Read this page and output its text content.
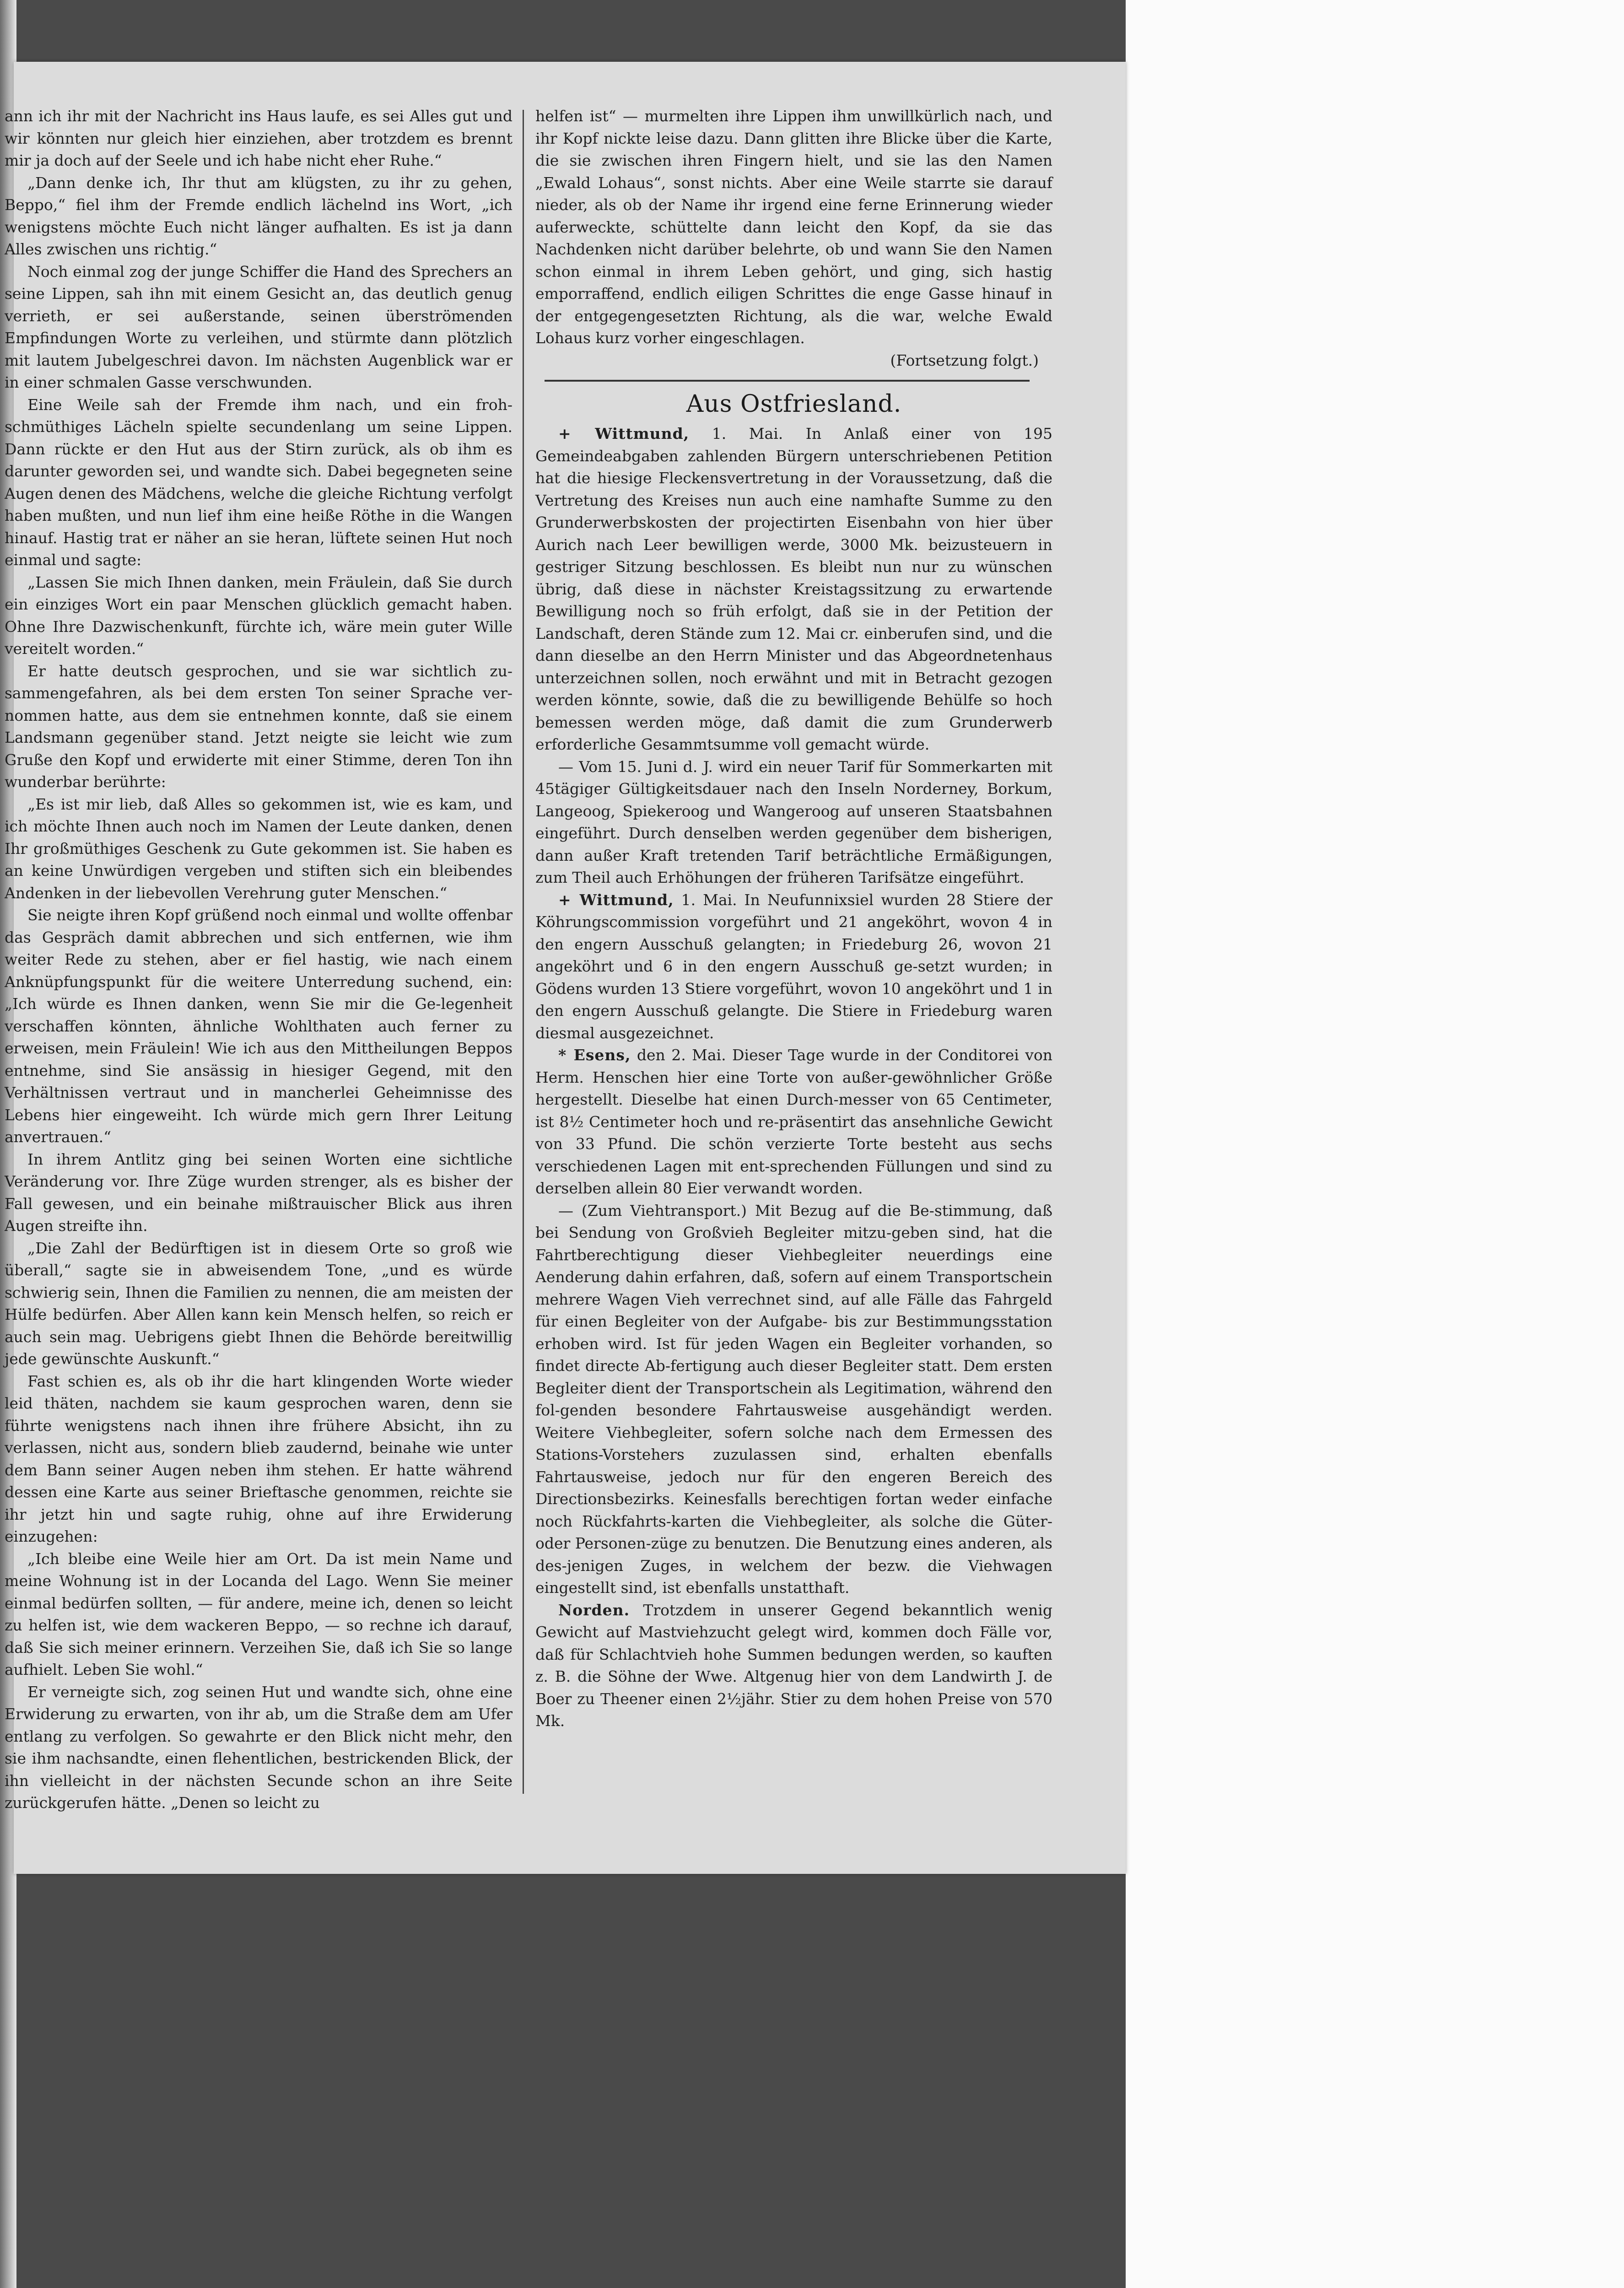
ann ich ihr mit der Nachricht ins Haus laufe, es sei Alles gut und wir könnten nur gleich hier einziehen, aber trotzdem es brennt mir ja doch auf der Seele und ich habe nicht eher Ruhe.“

„Dann denke ich, Ihr thut am klügsten, zu ihr zu gehen, Beppo,“ fiel ihm der Fremde endlich lächelnd ins Wort, „ich wenigstens möchte Euch nicht länger aufhalten. Es ist ja dann Alles zwischen uns richtig.“

Noch einmal zog der junge Schiffer die Hand des Sprechers an seine Lippen, sah ihn mit einem Gesicht an, das deutlich genug verrieth, er sei außerstande, seinen überströmenden Empfindungen Worte zu verleihen, und stürmte dann plötzlich mit lautem Jubelgeschrei davon. Im nächsten Augenblick war er in einer schmalen Gasse verschwunden.

Eine Weile sah der Fremde ihm nach, und ein froh-schmüthiges Lächeln spielte secundenlang um seine Lippen. Dann rückte er den Hut aus der Stirn zurück, als ob ihm es darunter geworden sei, und wandte sich. Dabei begegneten seine Augen denen des Mädchens, welche die gleiche Richtung verfolgt haben mußten, und nun lief ihm eine heiße Röthe in die Wangen hinauf. Hastig trat er näher an sie heran, lüftete seinen Hut noch einmal und sagte:

„Lassen Sie mich Ihnen danken, mein Fräulein, daß Sie durch ein einziges Wort ein paar Menschen glücklich gemacht haben. Ohne Ihre Dazwischenkunft, fürchte ich, wäre mein guter Wille vereitelt worden.“

Er hatte deutsch gesprochen, und sie war sichtlich zu-sammengefahren, als bei dem ersten Ton seiner Sprache ver-nommen hatte, aus dem sie entnehmen konnte, daß sie einem Landsmann gegenüber stand. Jetzt neigte sie leicht wie zum Gruße den Kopf und erwiderte mit einer Stimme, deren Ton ihn wunderbar berührte:

„Es ist mir lieb, daß Alles so gekommen ist, wie es kam, und ich möchte Ihnen auch noch im Namen der Leute danken, denen Ihr großmüthiges Geschenk zu Gute gekommen ist. Sie haben es an keine Unwürdigen vergeben und stiften sich ein bleibendes Andenken in der liebevollen Verehrung guter Menschen.“

Sie neigte ihren Kopf grüßend noch einmal und wollte offenbar das Gespräch damit abbrechen und sich entfernen, wie ihm weiter Rede zu stehen, aber er fiel hastig, wie nach einem Anknüpfungspunkt für die weitere Unterredung suchend, ein: „Ich würde es Ihnen danken, wenn Sie mir die Ge-legenheit verschaffen könnten, ähnliche Wohlthaten auch ferner zu erweisen, mein Fräulein! Wie ich aus den Mittheilungen Beppos entnehme, sind Sie ansässig in hiesiger Gegend, mit den Verhältnissen vertraut und in mancherlei Geheimnisse des Lebens hier eingeweiht. Ich würde mich gern Ihrer Leitung anvertrauen.“

In ihrem Antlitz ging bei seinen Worten eine sichtliche Veränderung vor. Ihre Züge wurden strenger, als es bisher der Fall gewesen, und ein beinahe mißtrauischer Blick aus ihren Augen streifte ihn.

„Die Zahl der Bedürftigen ist in diesem Orte so groß wie überall,“ sagte sie in abweisendem Tone, „und es würde schwierig sein, Ihnen die Familien zu nennen, die am meisten der Hülfe bedürfen. Aber Allen kann kein Mensch helfen, so reich er auch sein mag. Uebrigens giebt Ihnen die Behörde bereitwillig jede gewünschte Auskunft.“

Fast schien es, als ob ihr die hart klingenden Worte wieder leid thäten, nachdem sie kaum gesprochen waren, denn sie führte wenigstens nach ihnen ihre frühere Absicht, ihn zu verlassen, nicht aus, sondern blieb zaudernd, beinahe wie unter dem Bann seiner Augen neben ihm stehen. Er hatte während dessen eine Karte aus seiner Brieftasche genommen, reichte sie ihr jetzt hin und sagte ruhig, ohne auf ihre Erwiderung einzugehen:

„Ich bleibe eine Weile hier am Ort. Da ist mein Name und meine Wohnung ist in der Locanda del Lago. Wenn Sie meiner einmal bedürfen sollten, — für andere, meine ich, denen so leicht zu helfen ist, wie dem wackeren Beppo, — so rechne ich darauf, daß Sie sich meiner erinnern. Verzeihen Sie, daß ich Sie so lange aufhielt. Leben Sie wohl.“

Er verneigte sich, zog seinen Hut und wandte sich, ohne eine Erwiderung zu erwarten, von ihr ab, um die Straße dem am Ufer entlang zu verfolgen. So gewahrte er den Blick nicht mehr, den sie ihm nachsandte, einen flehentlichen, bestrickenden Blick, der ihn vielleicht in der nächsten Secunde schon an ihre Seite zurückgerufen hätte. „Denen so leicht zu

helfen ist“ — murmelten ihre Lippen ihm unwillkürlich nach, und ihr Kopf nickte leise dazu. Dann glitten ihre Blicke über die Karte, die sie zwischen ihren Fingern hielt, und sie las den Namen „Ewald Lohaus“, sonst nichts. Aber eine Weile starrte sie darauf nieder, als ob der Name ihr irgend eine ferne Erinnerung wieder auferweckte, schüttelte dann leicht den Kopf, da sie das Nachdenken nicht darüber belehrte, ob und wann Sie den Namen schon einmal in ihrem Leben gehört, und ging, sich hastig emporraffend, endlich eiligen Schrittes die enge Gasse hinauf in der entgegengesetzten Richtung, als die war, welche Ewald Lohaus kurz vorher eingeschlagen.

(Fortsetzung folgt.)

Aus Ostfriesland.

+ Wittmund, 1. Mai. In Anlaß einer von 195 Gemeindeabgaben zahlenden Bürgern unterschriebenen Petition hat die hiesige Fleckensvertretung in der Voraussetzung, daß die Vertretung des Kreises nun auch eine namhafte Summe zu den Grunderwerbskosten der projectirten Eisenbahn von hier über Aurich nach Leer bewilligen werde, 3000 Mk. beizusteuern in gestriger Sitzung beschlossen. Es bleibt nun nur zu wünschen übrig, daß diese in nächster Kreistagssitzung zu erwartende Bewilligung noch so früh erfolgt, daß sie in der Petition der Landschaft, deren Stände zum 12. Mai cr. einberufen sind, und die dann dieselbe an den Herrn Minister und das Abgeordnetenhaus unterzeichnen sollen, noch erwähnt und mit in Betracht gezogen werden könnte, sowie, daß die zu bewilligende Behülfe so hoch bemessen werden möge, daß damit die zum Grunderwerb erforderliche Gesammtsumme voll gemacht würde.

— Vom 15. Juni d. J. wird ein neuer Tarif für Sommerkarten mit 45tägiger Gültigkeitsdauer nach den Inseln Norderney, Borkum, Langeoog, Spiekeroog und Wangeroog auf unseren Staatsbahnen eingeführt. Durch denselben werden gegenüber dem bisherigen, dann außer Kraft tretenden Tarif beträchtliche Ermäßigungen, zum Theil auch Erhöhungen der früheren Tarifsätze eingeführt.

+ Wittmund, 1. Mai. In Neufunnixsiel wurden 28 Stiere der Köhrungscommission vorgeführt und 21 angeköhrt, wovon 4 in den engern Ausschuß gelangten; in Friedeburg 26, wovon 21 angeköhrt und 6 in den engern Ausschuß ge-setzt wurden; in Gödens wurden 13 Stiere vorgeführt, wovon 10 angeköhrt und 1 in den engern Ausschuß gelangte. Die Stiere in Friedeburg waren diesmal ausgezeichnet.

* Esens, den 2. Mai. Dieser Tage wurde in der Conditorei von Herm. Henschen hier eine Torte von außer-gewöhnlicher Größe hergestellt. Dieselbe hat einen Durch-messer von 65 Centimeter, ist 8½ Centimeter hoch und re-präsentirt das ansehnliche Gewicht von 33 Pfund. Die schön verzierte Torte besteht aus sechs verschiedenen Lagen mit ent-sprechenden Füllungen und sind zu derselben allein 80 Eier verwandt worden.

— (Zum Viehtransport.) Mit Bezug auf die Be-stimmung, daß bei Sendung von Großvieh Begleiter mitzu-geben sind, hat die Fahrtberechtigung dieser Viehbegleiter neuerdings eine Aenderung dahin erfahren, daß, sofern auf einem Transportschein mehrere Wagen Vieh verrechnet sind, auf alle Fälle das Fahrgeld für einen Begleiter von der Aufgabe- bis zur Bestimmungsstation erhoben wird. Ist für jeden Wagen ein Begleiter vorhanden, so findet directe Ab-fertigung auch dieser Begleiter statt. Dem ersten Begleiter dient der Transportschein als Legitimation, während den fol-genden besondere Fahrtausweise ausgehändigt werden. Weitere Viehbegleiter, sofern solche nach dem Ermessen des Stations-Vorstehers zuzulassen sind, erhalten ebenfalls Fahrtausweise, jedoch nur für den engeren Bereich des Directionsbezirks. Keinesfalls berechtigen fortan weder einfache noch Rückfahrts-karten die Viehbegleiter, als solche die Güter- oder Personen-züge zu benutzen. Die Benutzung eines anderen, als des-jenigen Zuges, in welchem der bezw. die Viehwagen eingestellt sind, ist ebenfalls unstatthaft.

Norden. Trotzdem in unserer Gegend bekanntlich wenig Gewicht auf Mastviehzucht gelegt wird, kommen doch Fälle vor, daß für Schlachtvieh hohe Summen bedungen werden, so kauften z. B. die Söhne der Wwe. Altgenug hier von dem Landwirth J. de Boer zu Theener einen 2½jähr. Stier zu dem hohen Preise von 570 Mk.
